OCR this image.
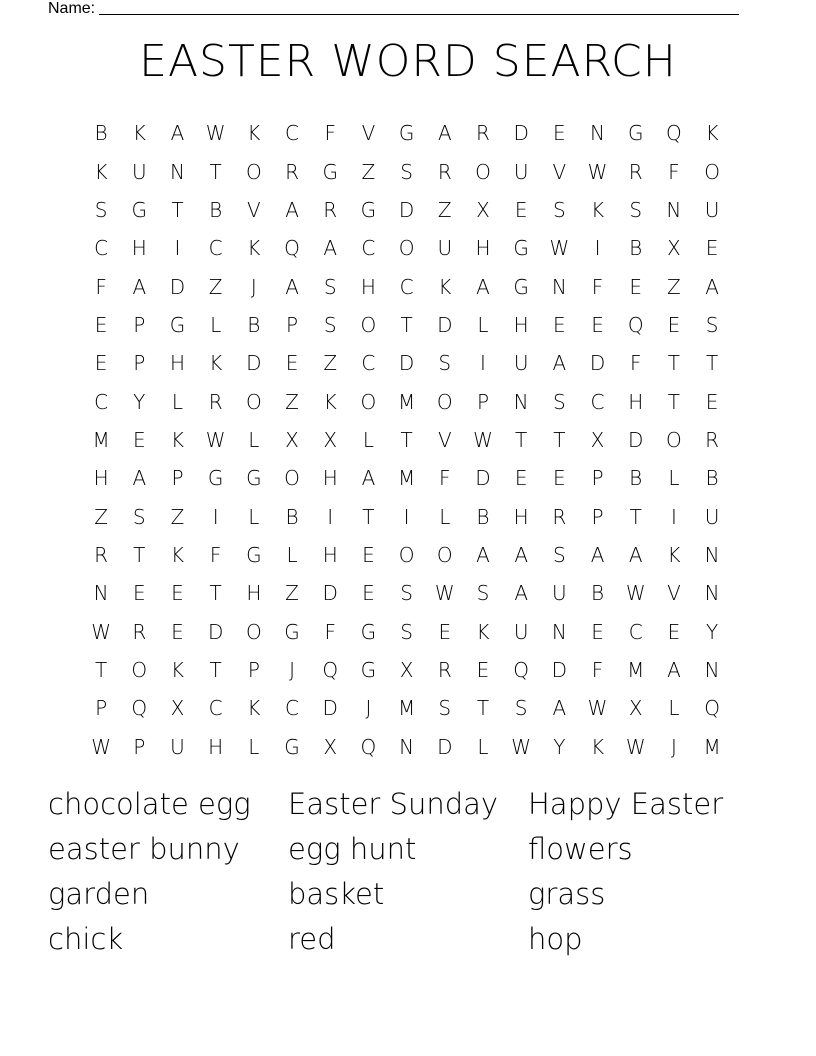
Name:
EASTER WORD SEARCH
B	K	A	W	K	C	F	V	G	A	R	D	E	N	G	Q	K
K	U	N	T	O	R	G	Z	S	R	O	U	V	W	R	F	O
S	G	T	B	V	A	R	G	D	Z	X	E	S	K	S	N	U
C	H	I	C	K	Q	A	C	O	U	H	G	W	I	B	X	E
F	A	D	Z	J	A	S	H	C	K	A	G	N	F	E	Z	A
E	P	G	L	B	P	S	O	T	D	L	H	E	E	Q	E	S
E	P	H	K	D	E	Z	C	D	S	I	U	A	D	F	T	T
C	Y	L	R	O	Z	K	O	M	O	P	N	S	C	H	T	E
M	E	K	W	L	X	X	L	T	V	W	T	T	X	D	O	R
H	A	P	G	G	O	H	A	M	F	D	E	E	P	B	L	B
Z	S	Z	I	L	B	I	T	I	L	B	H	R	P	T	I	U
R	T	K	F	G	L	H	E	O	O	A	A	S	A	A	K	N
N	E	E	T	H	Z	D	E	S	W	S	A	U	B	W	V	N
W	R	E	D	O	G	F	G	S	E	K	U	N	E	C	E	Y
T	O	K	T	P	J	Q	G	X	R	E	Q	D	F	M	A	N
P	Q	X	C	K	C	D	J	M	S	T	S	A	W	X	L	Q
W	P	U	H	L	G	X	Q	N	D	L	W	Y	K	W	J	M
chocolate egg	Easter Sunday	Happy Easter
easter bunny	egg hunt	flowers
garden	basket	grass
chick	red	hop
